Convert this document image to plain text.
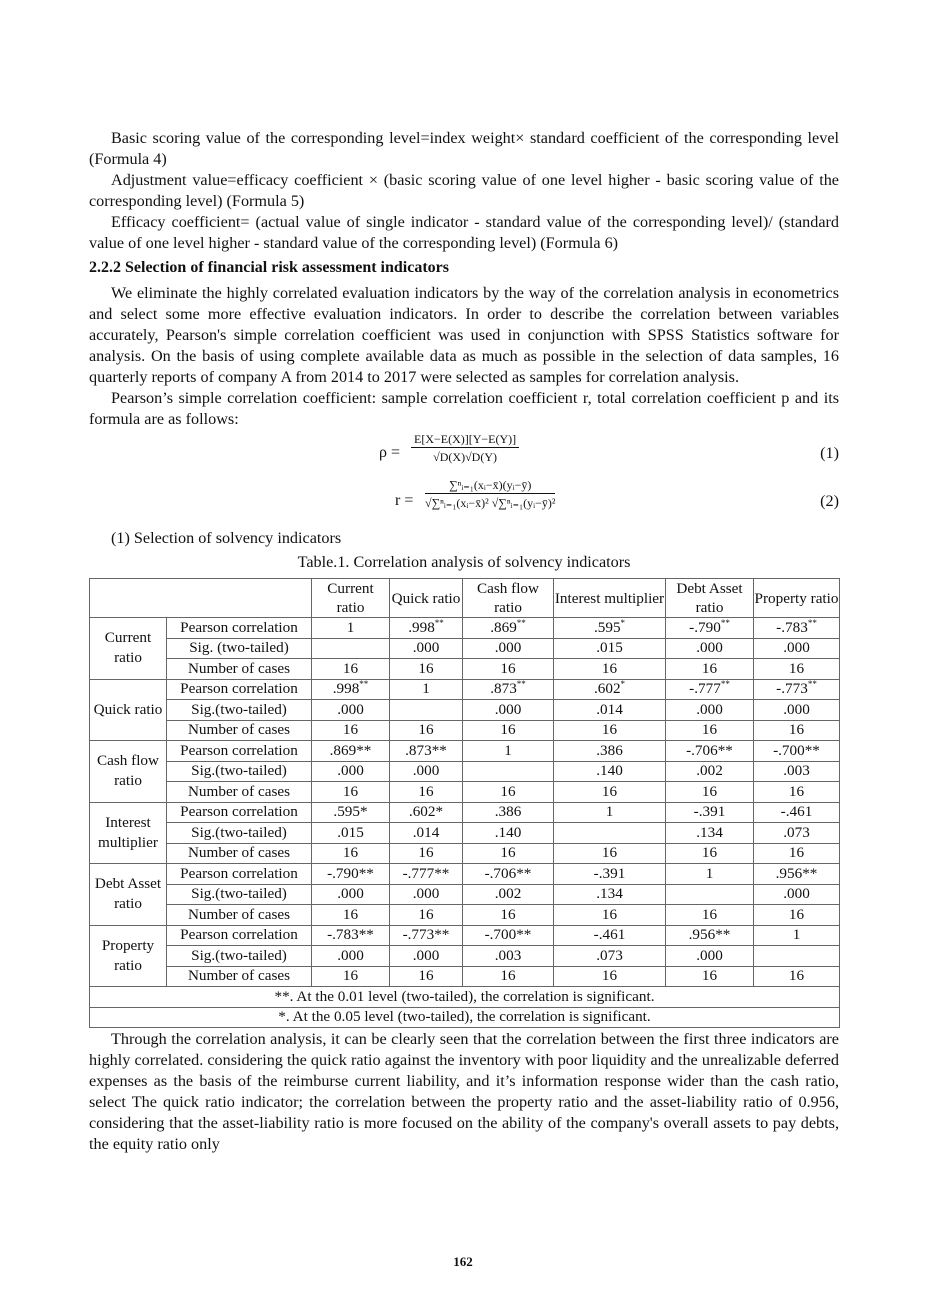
Basic scoring value of the corresponding level=index weight× standard coefficient of the corresponding level (Formula 4)

Adjustment value=efficacy coefficient × (basic scoring value of one level higher - basic scoring value of the corresponding level) (Formula 5)

Efficacy coefficient= (actual value of single indicator - standard value of the corresponding level)/ (standard value of one level higher - standard value of the corresponding level) (Formula 6)

2.2.2 Selection of financial risk assessment indicators

We eliminate the highly correlated evaluation indicators by the way of the correlation analysis in econometrics and select some more effective evaluation indicators. In order to describe the correlation between variables accurately, Pearson's simple correlation coefficient was used in conjunction with SPSS Statistics software for analysis. On the basis of using complete available data as much as possible in the selection of data samples, 16 quarterly reports of company A from 2014 to 2017 were selected as samples for correlation analysis.

Pearson’s simple correlation coefficient: sample correlation coefficient r, total correlation coefficient p and its formula are as follows:

$\rho = \frac{E[X-E(X)][Y-E(Y)]}{√D(X)√D(Y)}$	(1)
$r = \frac{\text{∑ⁿᵢ₌₁(xᵢ−x̄)(yᵢ−ȳ)}}{\text{√∑ⁿᵢ₌₁(xᵢ−x̄)² √∑ⁿᵢ₌₁(yᵢ−ȳ)²}}$	(2)

(1) Selection of solvency indicators

Table.1. Correlation analysis of solvency indicators

		Current ratio	Quick ratio	Cash flow ratio	Interest multiplier	Debt Asset ratio	Property ratio
Current ratio	Pearson correlation	1	.998**	.869**	.595*	-.790**	-.783**
	Sig. (two-tailed)		.000	.000	.015	.000	.000
	Number of cases	16	16	16	16	16	16
Quick ratio	Pearson correlation	.998**	1	.873**	.602*	-.777**	-.773**
	Sig.(two-tailed)	.000		.000	.014	.000	.000
	Number of cases	16	16	16	16	16	16
Cash flow ratio	Pearson correlation	.869**	.873**	1	.386	-.706**	-.700**
	Sig.(two-tailed)	.000	.000		.140	.002	.003
	Number of cases	16	16	16	16	16	16
Interest multiplier	Pearson correlation	.595*	.602*	.386	1	-.391	-.461
	Sig.(two-tailed)	.015	.014	.140		.134	.073
	Number of cases	16	16	16	16	16	16
Debt Asset ratio	Pearson correlation	-.790**	-.777**	-.706**	-.391	1	.956**
	Sig.(two-tailed)	.000	.000	.002	.134		.000
	Number of cases	16	16	16	16	16	16
Property ratio	Pearson correlation	-.783**	-.773**	-.700**	-.461	.956**	1
	Sig.(two-tailed)	.000	.000	.003	.073	.000	
	Number of cases	16	16	16	16	16	16
**. At the 0.01 level (two-tailed), the correlation is significant.							
*. At the 0.05 level (two-tailed), the correlation is significant.							

Through the correlation analysis, it can be clearly seen that the correlation between the first three indicators are highly correlated. considering the quick ratio against the inventory with poor liquidity and the unrealizable deferred expenses as the basis of the reimburse current liability, and it’s information response wider than the cash ratio, select The quick ratio indicator; the correlation between the property ratio and the asset-liability ratio of 0.956, considering that the asset-liability ratio is more focused on the ability of the company's overall assets to pay debts, the equity ratio only

162
